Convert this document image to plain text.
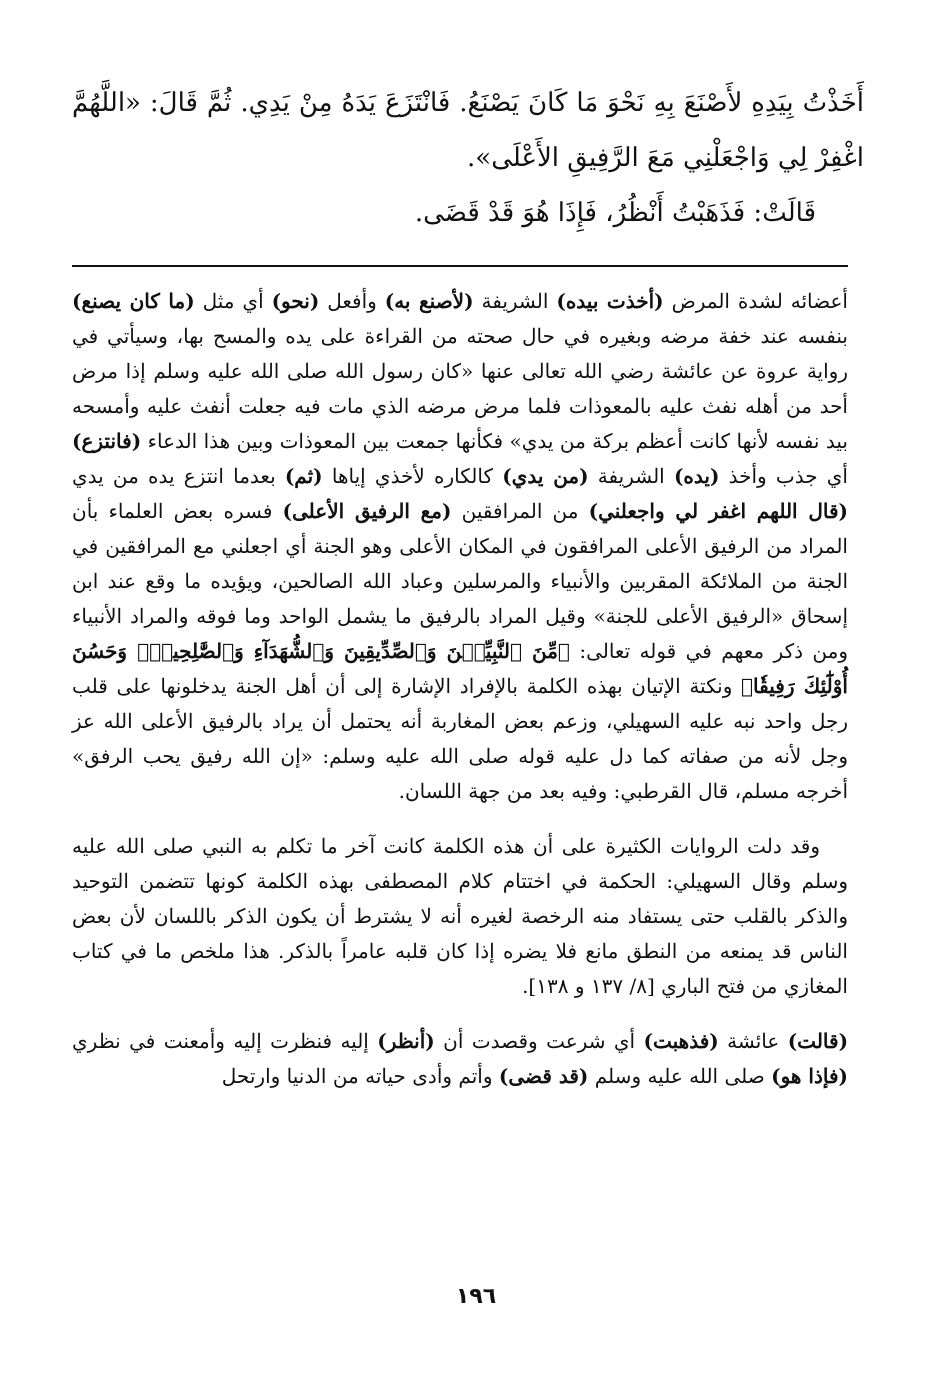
أَخَذْتُ بِيَدِهِ لأَصْنَعَ بِهِ نَحْوَ مَا كَانَ يَصْنَعُ. فَانْتَزَعَ يَدَهُ مِنْ يَدِي. ثُمَّ قَالَ: «اللَّهُمَّ اغْفِرْ لِي وَاجْعَلْنِي مَعَ الرَّفِيقِ الأَعْلَى».

قَالَتْ: فَذَهَبْتُ أَنْظُرُ، فَإِذَا هُوَ قَدْ قَضَى.

أعضائه لشدة المرض (أخذت بيده) الشريفة (لأصنع به) وأفعل (نحو) أي مثل (ما كان يصنع) بنفسه عند خفة مرضه وبغيره في حال صحته من القراءة على يده والمسح بها، وسيأتي في رواية عروة عن عائشة رضي الله تعالى عنها «كان رسول الله صلى الله عليه وسلم إذا مرض أحد من أهله نفث عليه بالمعوذات فلما مرض مرضه الذي مات فيه جعلت أنفث عليه وأمسحه بيد نفسه لأنها كانت أعظم بركة من يدي» فكأنها جمعت بين المعوذات وبين هذا الدعاء (فانتزع) أي جذب وأخذ (يده) الشريفة (من يدي) كالكاره لأخذي إياها (ثم) بعدما انتزع يده من يدي (قال اللهم اغفر لي واجعلني) من المرافقين (مع الرفيق الأعلى) فسره بعض العلماء بأن المراد من الرفيق الأعلى المرافقون في المكان الأعلى وهو الجنة أي اجعلني مع المرافقين في الجنة من الملائكة المقربين والأنبياء والمرسلين وعباد الله الصالحين، ويؤيده ما وقع عند ابن إسحاق «الرفيق الأعلى للجنة» وقيل المراد بالرفيق ما يشمل الواحد وما فوقه والمراد الأنبياء ومن ذكر معهم في قوله تعالى: ﴿مِّنَ ٱلنَّبِيِّـۧنَ وَٱلصِّدِّيقِينَ وَٱلشُّهَدَآءِ وَٱلصَّٰلِحِينَۚ وَحَسُنَ أُوْلَٰٓئِكَ رَفِيقٗا﴾ ونكتة الإتيان بهذه الكلمة بالإفراد الإشارة إلى أن أهل الجنة يدخلونها على قلب رجل واحد نبه عليه السهيلي، وزعم بعض المغاربة أنه يحتمل أن يراد بالرفيق الأعلى الله عز وجل لأنه من صفاته كما دل عليه قوله صلى الله عليه وسلم: «إن الله رفيق يحب الرفق» أخرجه مسلم، قال القرطبي: وفيه بعد من جهة اللسان.

وقد دلت الروايات الكثيرة على أن هذه الكلمة كانت آخر ما تكلم به النبي صلى الله عليه وسلم وقال السهيلي: الحكمة في اختتام كلام المصطفى بهذه الكلمة كونها تتضمن التوحيد والذكر بالقلب حتى يستفاد منه الرخصة لغيره أنه لا يشترط أن يكون الذكر باللسان لأن بعض الناس قد يمنعه من النطق مانع فلا يضره إذا كان قلبه عامراً بالذكر. هذا ملخص ما في كتاب المغازي من فتح الباري [٨/ ١٣٧ و ١٣٨].

(قالت) عائشة (فذهبت) أي شرعت وقصدت أن (أنظر) إليه فنظرت إليه وأمعنت في نظري (فإذا هو) صلى الله عليه وسلم (قد قضى) وأتم وأدى حياته من الدنيا وارتحل

١٩٦
